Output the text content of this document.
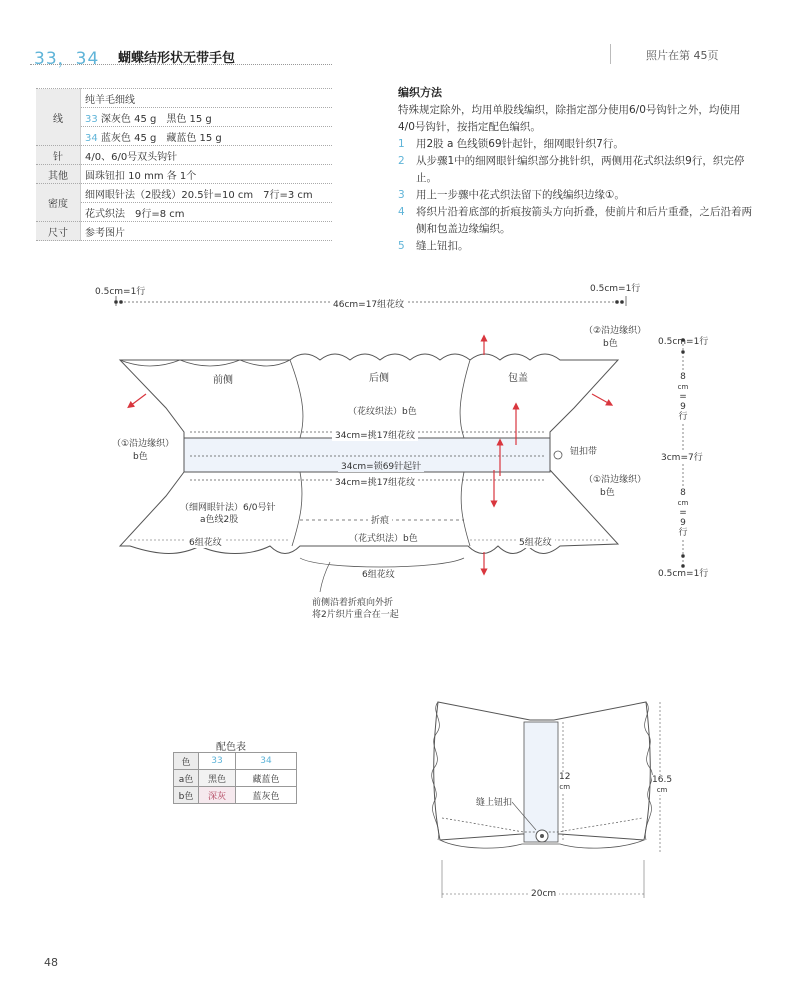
33，34 蝴蝶结形状无带手包	照片在第 45页
线	纯羊毛细线
	33 深灰色 45 g　黑色 15 g
	34 蓝灰色 45 g　藏蓝色 15 g
针	4/0、6/0号双头钩针
其他	圆珠钮扣 10 mm 各 1个
密度	细网眼针法（2股线）20.5针=10 cm　7行=3 cm
	花式织法　9行=8 cm
尺寸	参考图片
编织方法
特殊规定除外，均用单股线编织，除指定部分使用6/0号钩针之外，均使用4/0号钩针，按指定配色编织。
1	用2股 a 色线锁69针起针，细网眼针织7行。
2	从步骤1中的细网眼针编织部分挑针织，两侧用花式织法织9行，织完停止。
3	用上一步骤中花式织法留下的线编织边缘①。
4	将织片沿着底部的折痕按箭头方向折叠，使前片和后片重叠，之后沿着两侧和包盖边缘编织。
5	缝上钮扣。
0.5cm=1行	0.5cm=1行
46cm=17组花纹
前侧	后侧	包盖
（花纹织法）b色
34cm=挑17组花纹
34cm=锁69针起针
34cm=挑17组花纹
（①沿边缘织）
b色
（②沿边缘织）
b色
钮扣带
（①沿边缘织）
b色
（细网眼针法）6/0号针
a色线2股	折痕
（花式织法）b色
6组花纹
6组花纹
5组花纹
前侧沿着折痕向外折
将2片织片重合在一起
0.5cm=1行
8
cm
=
9
行
3cm=7行
8
cm
=
9
行
0.5cm=1行
12
cm
16.5
cm
缝上钮扣
20cm
配色表
色	33	34
a色	黑色	藏蓝色
b色	深灰	蓝灰色
48
